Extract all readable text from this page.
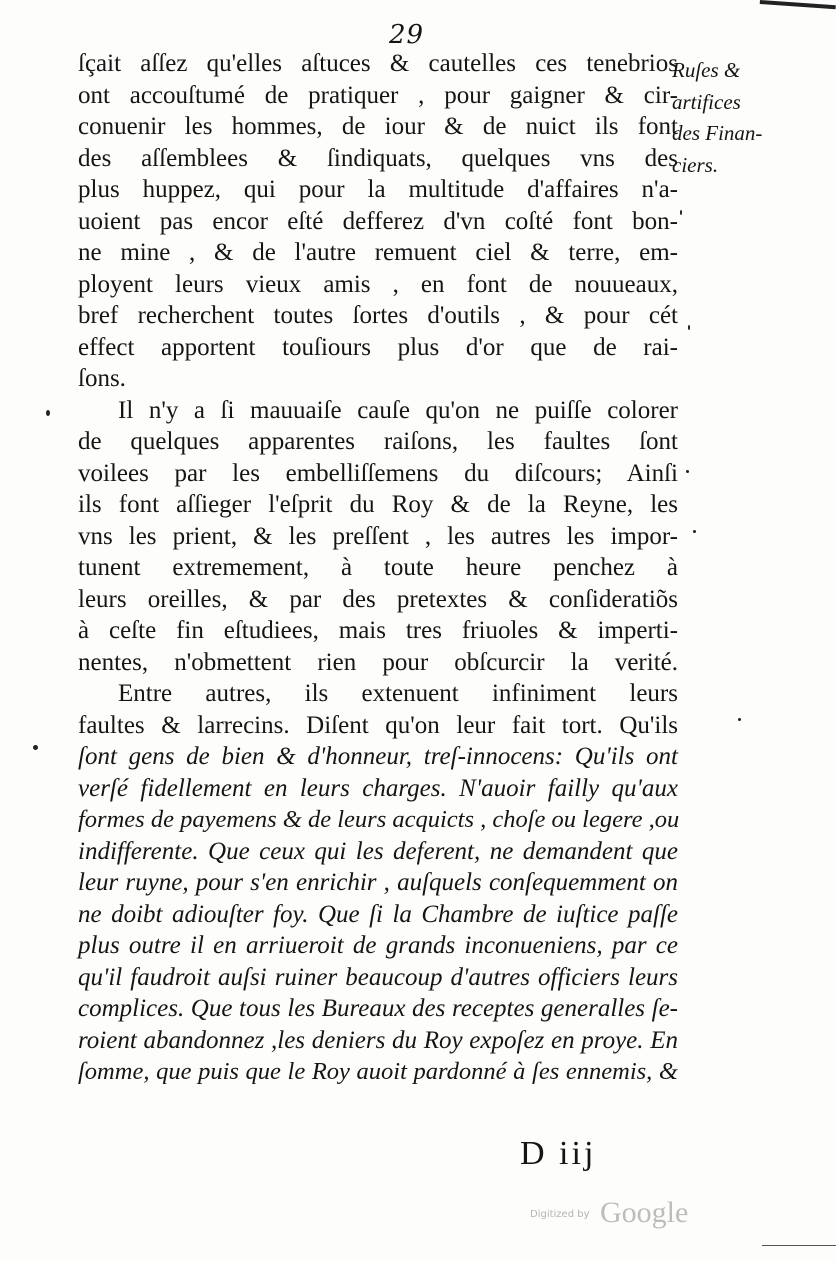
29
ſçait aſſez qu'elles aſtuces & cautelles ces tenebrios
ont accouſtumé de pratiquer , pour gaigner & cir-
conuenir les hommes, de iour & de nuict ils font
des aſſemblees & ſindiquats, quelques vns des
plus huppez, qui pour la multitude d'affaires n'a-
uoient pas encor eſté defferez d'vn coſté font bon-
ne mine , & de l'autre remuent ciel & terre, em-
ployent leurs vieux amis , en font de nouueaux,
bref recherchent toutes ſortes d'outils , & pour cét
effect apportent touſiours plus d'or que de rai-
ſons.
Il n'y a ſi mauuaiſe cauſe qu'on ne puiſſe colorer
de quelques apparentes raiſons, les faultes ſont
voilees par les embelliſſemens du diſcours; Ainſi
ils font aſſieger l'eſprit du Roy & de la Reyne, les
vns les prient, & les preſſent , les autres les impor-
tunent extremement, à toute heure penchez à
leurs oreilles, & par des pretextes & conſideratiõs
à ceſte fin eſtudiees, mais tres friuoles & imperti-
nentes, n'obmettent rien pour obſcurcir la verité.
Entre autres, ils extenuent infiniment leurs
faultes & larrecins. Diſent qu'on leur fait tort. Qu'ils
ſont gens de bien & d'honneur, treſ-innocens: Qu'ils ont
verſé fidellement en leurs charges. N'auoir failly qu'aux
formes de payemens & de leurs acquicts , choſe ou legere ,ou
indifferente. Que ceux qui les deferent, ne demandent que
leur ruyne, pour s'en enrichir , auſquels conſequemment on
ne doibt adiouſter foy. Que ſi la Chambre de iuſtice paſſe
plus outre il en arriueroit de grands inconueniens, par ce
qu'il faudroit auſsi ruiner beaucoup d'autres officiers leurs
complices. Que tous les Bureaux des receptes generalles ſe-
roient abandonnez ,les deniers du Roy expoſez en proye. En
ſomme, que puis que le Roy auoit pardonné à ſes ennemis, &
Ruſes &
artifices
des Finan-
ciers.
D iij
Digitized by Google
